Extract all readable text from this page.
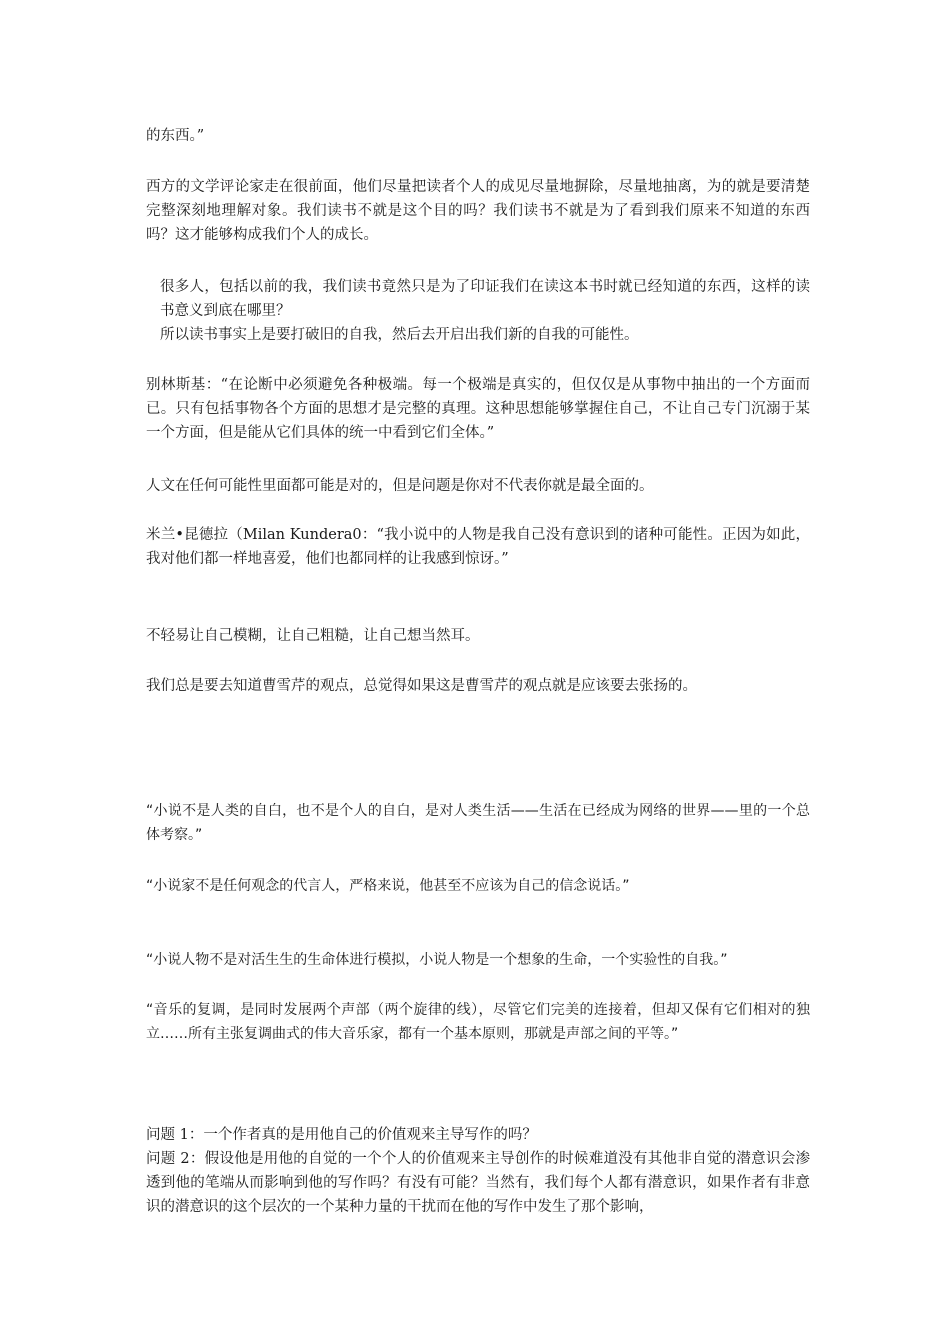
的东西。”

西方的文学评论家走在很前面，他们尽量把读者个人的成见尽量地摒除，尽量地抽离，为的就是要清楚完整深刻地理解对象。我们读书不就是这个目的吗？我们读书不就是为了看到我们原来不知道的东西吗？这才能够构成我们个人的成长。

很多人，包括以前的我，我们读书竟然只是为了印证我们在读这本书时就已经知道的东西，这样的读书意义到底在哪里？

所以读书事实上是要打破旧的自我，然后去开启出我们新的自我的可能性。

别林斯基：“在论断中必须避免各种极端。每一个极端是真实的，但仅仅是从事物中抽出的一个方面而已。只有包括事物各个方面的思想才是完整的真理。这种思想能够掌握住自己，不让自己专门沉溺于某一个方面，但是能从它们具体的统一中看到它们全体。”

人文在任何可能性里面都可能是对的，但是问题是你对不代表你就是最全面的。

米兰•昆德拉（Milan Kundera0：“我小说中的人物是我自己没有意识到的诸种可能性。正因为如此，我对他们都一样地喜爱，他们也都同样的让我感到惊讶。”

不轻易让自己模糊，让自己粗糙，让自己想当然耳。

我们总是要去知道曹雪芹的观点，总觉得如果这是曹雪芹的观点就是应该要去张扬的。

“小说不是人类的自白，也不是个人的自白，是对人类生活——生活在已经成为网络的世界——里的一个总体考察。”

“小说家不是任何观念的代言人，严格来说，他甚至不应该为自己的信念说话。”

“小说人物不是对活生生的生命体进行模拟，小说人物是一个想象的生命，一个实验性的自我。”

“音乐的复调，是同时发展两个声部（两个旋律的线），尽管它们完美的连接着，但却又保有它们相对的独立……所有主张复调曲式的伟大音乐家，都有一个基本原则，那就是声部之间的平等。”

问题 1：一个作者真的是用他自己的价值观来主导写作的吗？

问题 2：假设他是用他的自觉的一个个人的价值观来主导创作的时候难道没有其他非自觉的潜意识会渗透到他的笔端从而影响到他的写作吗？有没有可能？当然有，我们每个人都有潜意识，如果作者有非意识的潜意识的这个层次的一个某种力量的干扰而在他的写作中发生了那个影响，
